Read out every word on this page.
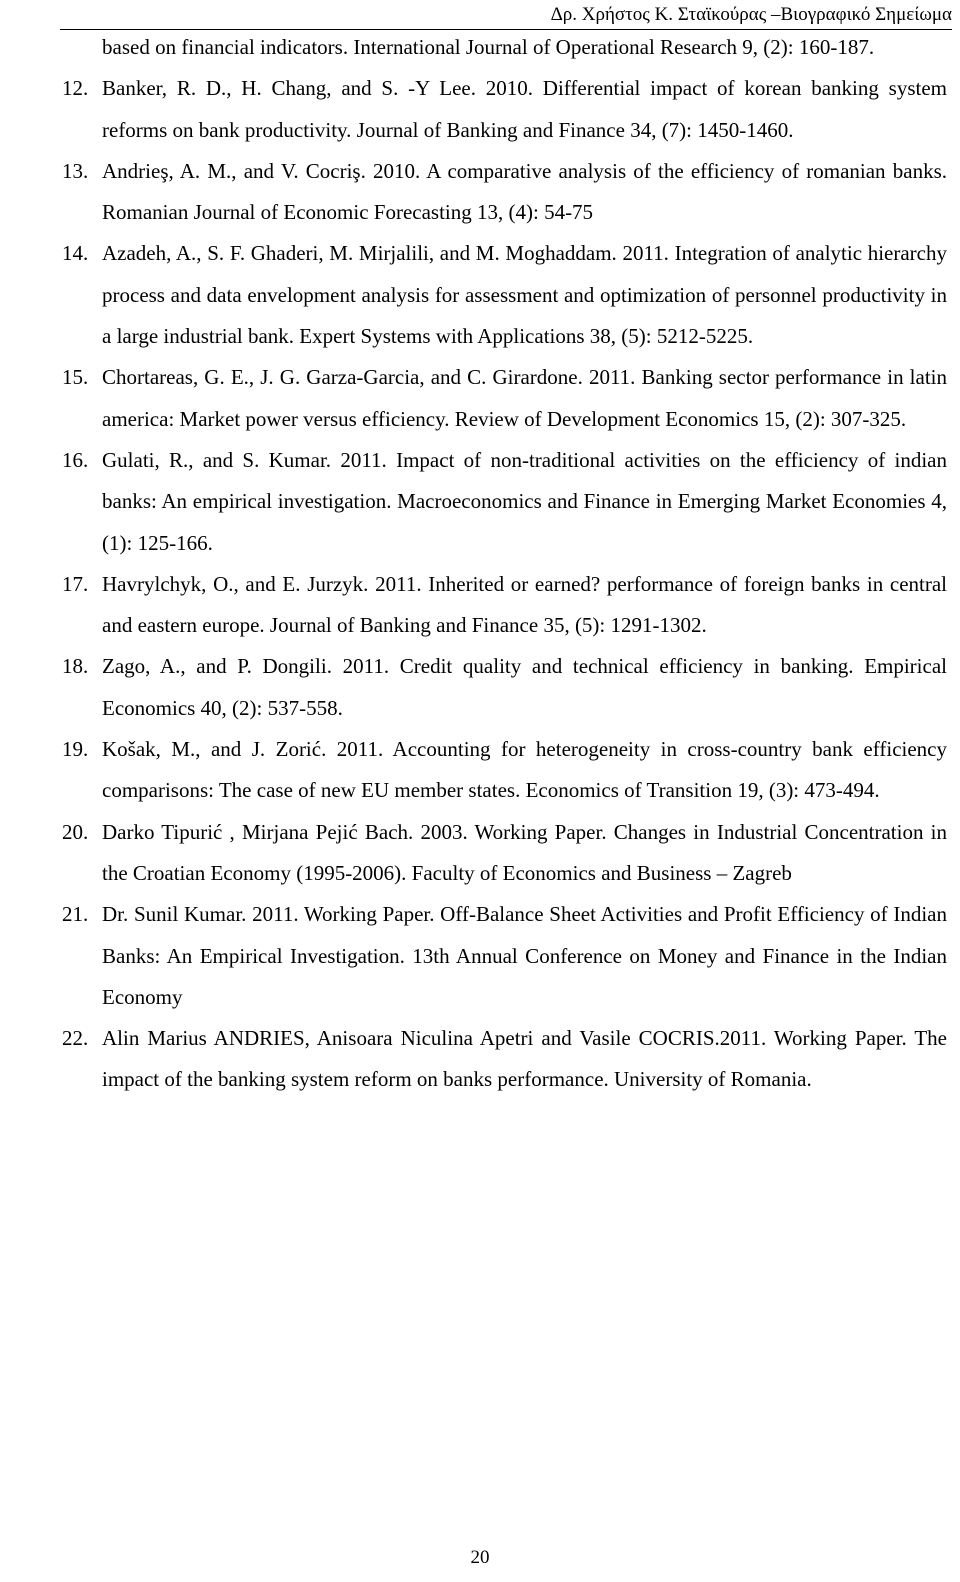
Δρ. Χρήστος Κ. Σταϊκούρας –Βιογραφικό Σημείωμα

based on financial indicators. International Journal of Operational Research 9, (2): 160-187.

12. Banker, R. D., H. Chang, and S. -Y Lee. 2010. Differential impact of korean banking system reforms on bank productivity. Journal of Banking and Finance 34, (7): 1450-1460.

13. Andrieş, A. M., and V. Cocriş. 2010. A comparative analysis of the efficiency of romanian banks. Romanian Journal of Economic Forecasting 13, (4): 54-75

14. Azadeh, A., S. F. Ghaderi, M. Mirjalili, and M. Moghaddam. 2011. Integration of analytic hierarchy process and data envelopment analysis for assessment and optimization of personnel productivity in a large industrial bank. Expert Systems with Applications 38, (5): 5212-5225.

15. Chortareas, G. E., J. G. Garza-Garcia, and C. Girardone. 2011. Banking sector performance in latin america: Market power versus efficiency. Review of Development Economics 15, (2): 307-325.

16. Gulati, R., and S. Kumar. 2011. Impact of non-traditional activities on the efficiency of indian banks: An empirical investigation. Macroeconomics and Finance in Emerging Market Economies 4, (1): 125-166.

17. Havrylchyk, O., and E. Jurzyk. 2011. Inherited or earned? performance of foreign banks in central and eastern europe. Journal of Banking and Finance 35, (5): 1291-1302.

18. Zago, A., and P. Dongili. 2011. Credit quality and technical efficiency in banking. Empirical Economics 40, (2): 537-558.

19. Košak, M., and J. Zorić. 2011. Accounting for heterogeneity in cross-country bank efficiency comparisons: The case of new EU member states. Economics of Transition 19, (3): 473-494.

20. Darko Tipurić , Mirjana Pejić Bach. 2003. Working Paper. Changes in Industrial Concentration in the Croatian Economy (1995-2006). Faculty of Economics and Business – Zagreb

21. Dr. Sunil Kumar. 2011. Working Paper. Off-Balance Sheet Activities and Profit Efficiency of Indian Banks: An Empirical Investigation. 13th Annual Conference on Money and Finance in the Indian Economy

22. Alin Marius ANDRIES, Anisoara Niculina Apetri and Vasile COCRIS.2011. Working Paper. The impact of the banking system reform on banks performance. University of Romania.

20
